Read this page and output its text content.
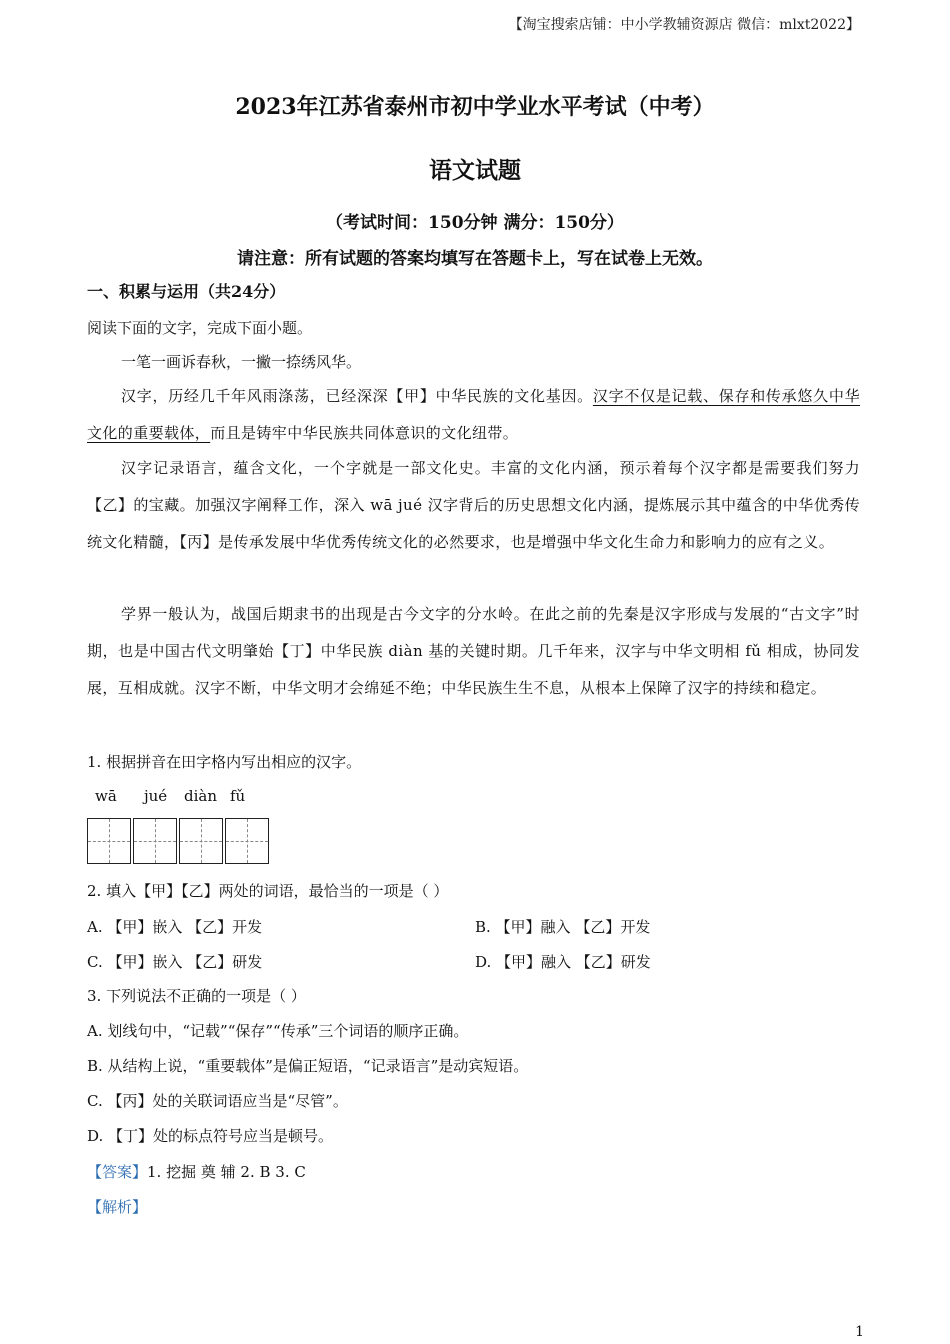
【淘宝搜索店铺：中小学教辅资源店 微信：mlxt2022】
2023年江苏省泰州市初中学业水平考试（中考）
语文试题
（考试时间：150分钟 满分：150分）
请注意：所有试题的答案均填写在答题卡上，写在试卷上无效。
一、积累与运用（共24分）
阅读下面的文字，完成下面小题。
一笔一画诉春秋，一撇一捺绣风华。
汉字，历经几千年风雨涤荡，已经深深【甲】中华民族的文化基因。汉字不仅是记载、保存和传承悠久中华文化的重要载体，而且是铸牢中华民族共同体意识的文化纽带。
汉字记录语言，蕴含文化，一个字就是一部文化史。丰富的文化内涵，预示着每个汉字都是需要我们努力【乙】的宝藏。加强汉字阐释工作，深入 wā jué 汉字背后的历史思想文化内涵，提炼展示其中蕴含的中华优秀传统文化精髓，【丙】是传承发展中华优秀传统文化的必然要求，也是增强中华文化生命力和影响力的应有之义。
学界一般认为，战国后期隶书的出现是古今文字的分水岭。在此之前的先秦是汉字形成与发展的“古文字”时期，也是中国古代文明肇始【丁】中华民族 diàn 基的关键时期。几千年来，汉字与中华文明相 fǔ 相成，协同发展，互相成就。汉字不断，中华文明才会绵延不绝；中华民族生生不息，从根本上保障了汉字的持续和稳定。
1. 根据拼音在田字格内写出相应的汉字。
wā jué diàn fǔ
2. 填入【甲】【乙】两处的词语，最恰当的一项是（ ）
A. 【甲】嵌入 【乙】开发	B. 【甲】融入 【乙】开发
C. 【甲】嵌入 【乙】研发	D. 【甲】融入 【乙】研发
3. 下列说法不正确的一项是（ ）
A. 划线句中，“记载”“保存”“传承”三个词语的顺序正确。
B. 从结构上说，“重要载体”是偏正短语，“记录语言”是动宾短语。
C. 【丙】处的关联词语应当是“尽管”。
D. 【丁】处的标点符号应当是顿号。
【答案】1. 挖掘 奠 辅 2. B 3. C
【解析】
1
